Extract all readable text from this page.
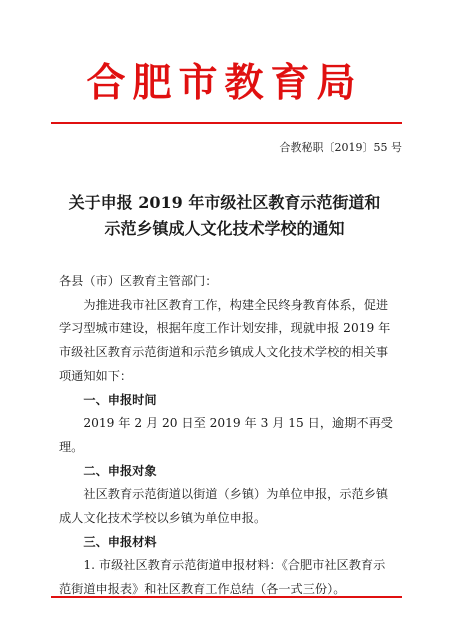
合肥市教育局
合教秘职〔2019〕55 号
关于申报 2019 年市级社区教育示范街道和
示范乡镇成人文化技术学校的通知

各县（市）区教育主管部门：

为推进我市社区教育工作，构建全民终身教育体系，促进学习型城市建设，根据年度工作计划安排，现就申报 2019 年市级社区教育示范街道和示范乡镇成人文化技术学校的相关事项通知如下：

一、申报时间

2019 年 2 月 20 日至 2019 年 3 月 15 日，逾期不再受理。

二、申报对象

社区教育示范街道以街道（乡镇）为单位申报，示范乡镇成人文化技术学校以乡镇为单位申报。

三、申报材料

1. 市级社区教育示范街道申报材料：《合肥市社区教育示范街道申报表》和社区教育工作总结（各一式三份）。
